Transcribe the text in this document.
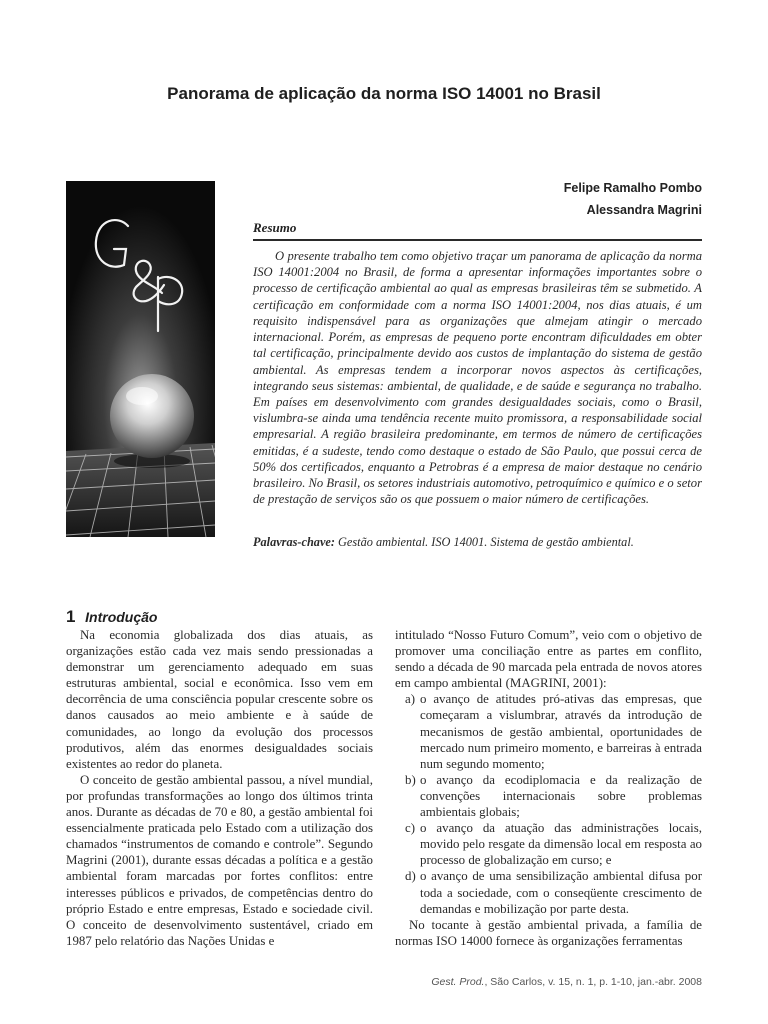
Panorama de aplicação da norma ISO 14001 no Brasil
Felipe Ramalho Pombo
Alessandra Magrini
Resumo

O presente trabalho tem como objetivo traçar um panorama de aplicação da norma ISO 14001:2004 no Brasil, de forma a apresentar informações importantes sobre o processo de certificação ambiental ao qual as empresas brasileiras têm se submetido. A certificação em conformidade com a norma ISO 14001:2004, nos dias atuais, é um requisito indispensável para as organizações que almejam atingir o mercado internacional. Porém, as empresas de pequeno porte encontram dificuldades em obter tal certificação, principalmente devido aos custos de implantação do sistema de gestão ambiental. As empresas tendem a incorporar novos aspectos às certificações, integrando seus sistemas: ambiental, de qualidade, e de saúde e segurança no trabalho. Em países em desenvolvimento com grandes desigualdades sociais, como o Brasil, vislumbra-se ainda uma tendência recente muito promissora, a responsabilidade social empresarial. A região brasileira predominante, em termos de número de certificações emitidas, é a sudeste, tendo como destaque o estado de São Paulo, que possui cerca de 50% dos certificados, enquanto a Petrobras é a empresa de maior destaque no cenário brasileiro. No Brasil, os setores industriais automotivo, petroquímico e químico e o setor de prestação de serviços são os que possuem o maior número de certificações.

Palavras-chave: Gestão ambiental. ISO 14001. Sistema de gestão ambiental.

1 Introdução

Na economia globalizada dos dias atuais, as organizações estão cada vez mais sendo pressionadas a demonstrar um gerenciamento adequado em suas estruturas ambiental, social e econômica. Isso vem em decorrência de uma consciência popular crescente sobre os danos causados ao meio ambiente e à saúde de comunidades, ao longo da evolução dos processos produtivos, além das enormes desigualdades sociais existentes ao redor do planeta.

O conceito de gestão ambiental passou, a nível mundial, por profundas transformações ao longo dos últimos trinta anos. Durante as décadas de 70 e 80, a gestão ambiental foi essencialmente praticada pelo Estado com a utilização dos chamados “instrumentos de comando e controle”. Segundo Magrini (2001), durante essas décadas a política e a gestão ambiental foram marcadas por fortes conflitos: entre interesses públicos e privados, de competências dentro do próprio Estado e entre empresas, Estado e sociedade civil. O conceito de desenvolvimento sustentável, criado em 1987 pelo relatório das Nações Unidas e

intitulado “Nosso Futuro Comum”, veio com o objetivo de promover uma conciliação entre as partes em conflito, sendo a década de 90 marcada pela entrada de novos atores em campo ambiental (MAGRINI, 2001):

a) o avanço de atitudes pró-ativas das empresas, que começaram a vislumbrar, através da introdução de mecanismos de gestão ambiental, oportunidades de mercado num primeiro momento, e barreiras à entrada num segundo momento;
b) o avanço da ecodiplomacia e da realização de convenções internacionais sobre problemas ambientais globais;
c) o avanço da atuação das administrações locais, movido pelo resgate da dimensão local em resposta ao processo de globalização em curso; e
d) o avanço de uma sensibilização ambiental difusa por toda a sociedade, com o conseqüente crescimento de demandas e mobilização por parte desta.

No tocante à gestão ambiental privada, a família de normas ISO 14000 fornece às organizações ferramentas

Gest. Prod., São Carlos, v. 15, n. 1, p. 1-10, jan.-abr. 2008
